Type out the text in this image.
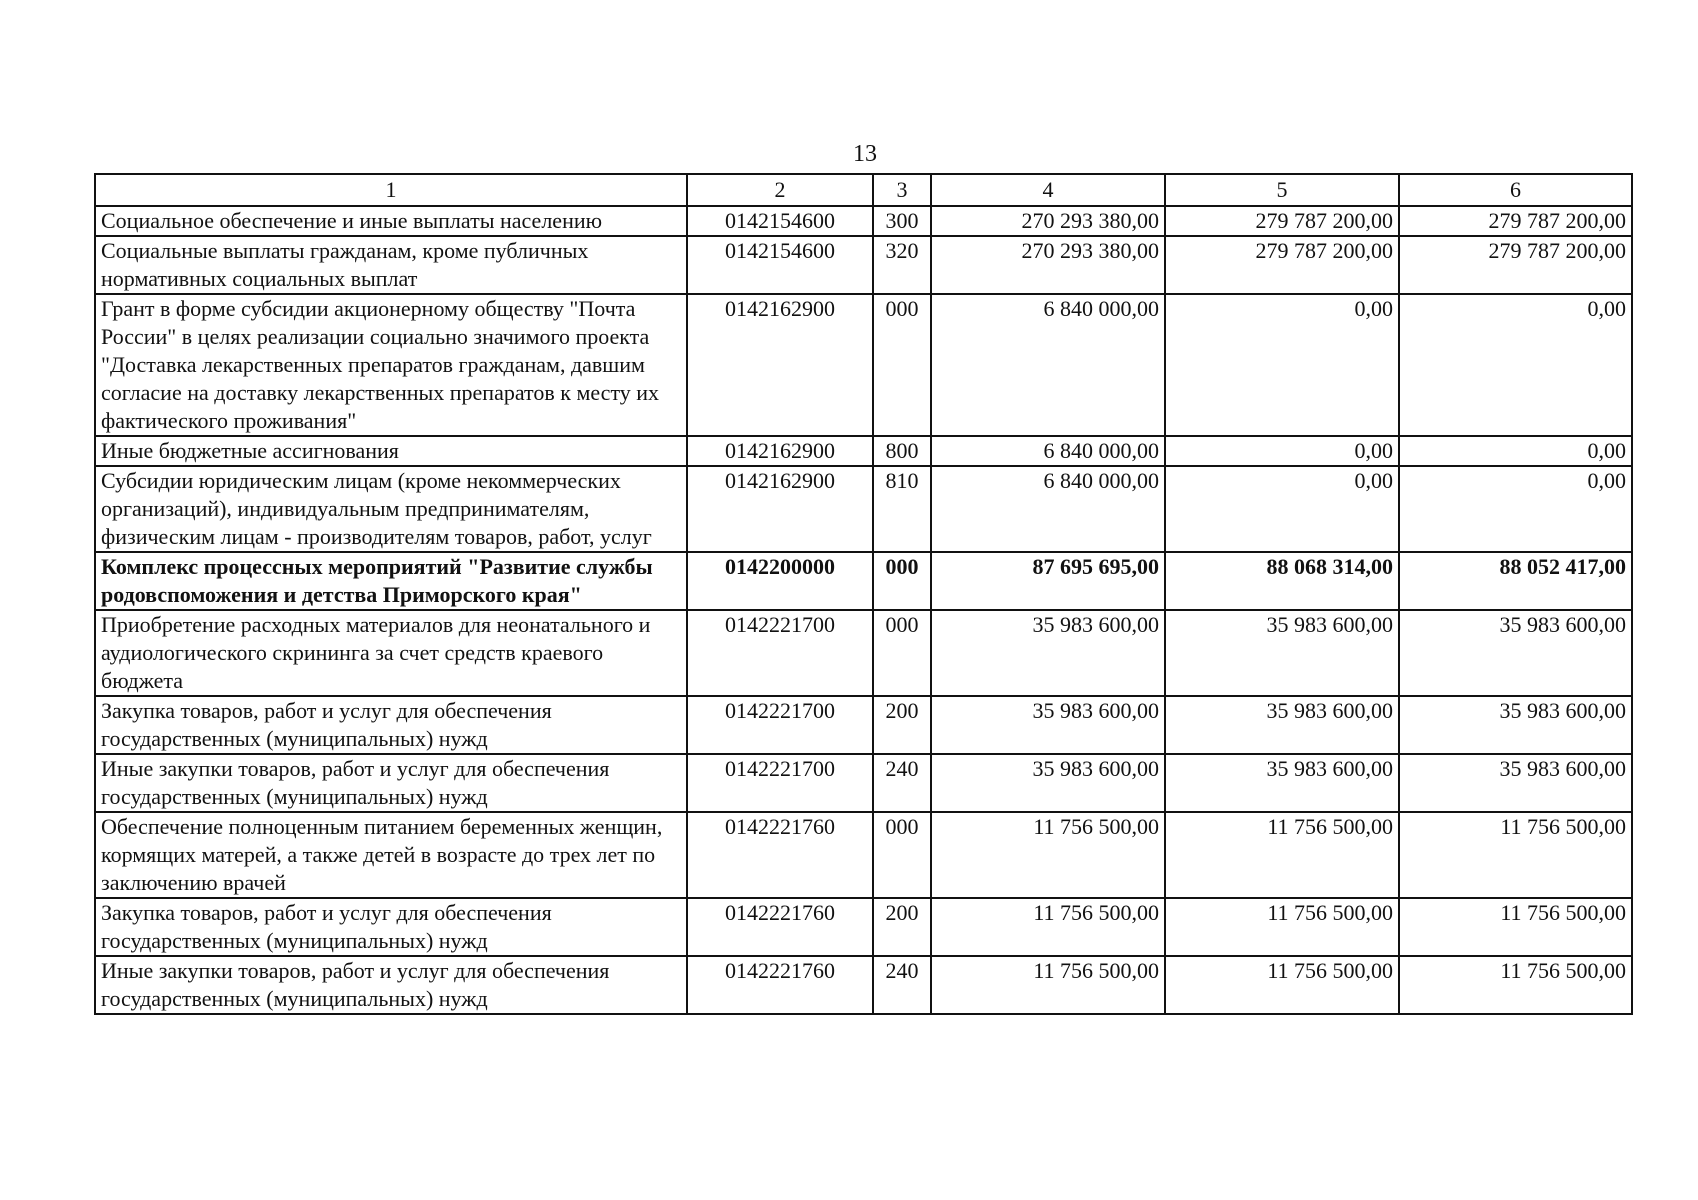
13
1	2	3	4	5	6
Социальное обеспечение и иные выплаты населению	0142154600	300	270 293 380,00	279 787 200,00	279 787 200,00
Социальные выплаты гражданам, кроме публичных нормативных социальных выплат	0142154600	320	270 293 380,00	279 787 200,00	279 787 200,00
Грант в форме субсидии акционерному обществу "Почта России" в целях реализации социально значимого проекта "Доставка лекарственных препаратов гражданам, давшим согласие на доставку лекарственных препаратов к месту их фактического проживания"	0142162900	000	6 840 000,00	0,00	0,00
Иные бюджетные ассигнования	0142162900	800	6 840 000,00	0,00	0,00
Субсидии юридическим лицам (кроме некоммерческих организаций), индивидуальным предпринимателям, физическим лицам - производителям товаров, работ, услуг	0142162900	810	6 840 000,00	0,00	0,00
Комплекс процессных мероприятий "Развитие службы родовспоможения и детства Приморского края"	0142200000	000	87 695 695,00	88 068 314,00	88 052 417,00
Приобретение расходных материалов для неонатального и аудиологического скрининга за счет средств краевого бюджета	0142221700	000	35 983 600,00	35 983 600,00	35 983 600,00
Закупка товаров, работ и услуг для обеспечения государственных (муниципальных) нужд	0142221700	200	35 983 600,00	35 983 600,00	35 983 600,00
Иные закупки товаров, работ и услуг для обеспечения государственных (муниципальных) нужд	0142221700	240	35 983 600,00	35 983 600,00	35 983 600,00
Обеспечение полноценным питанием беременных женщин, кормящих матерей, а также детей в возрасте до трех лет по заключению врачей	0142221760	000	11 756 500,00	11 756 500,00	11 756 500,00
Закупка товаров, работ и услуг для обеспечения государственных (муниципальных) нужд	0142221760	200	11 756 500,00	11 756 500,00	11 756 500,00
Иные закупки товаров, работ и услуг для обеспечения государственных (муниципальных) нужд	0142221760	240	11 756 500,00	11 756 500,00	11 756 500,00
